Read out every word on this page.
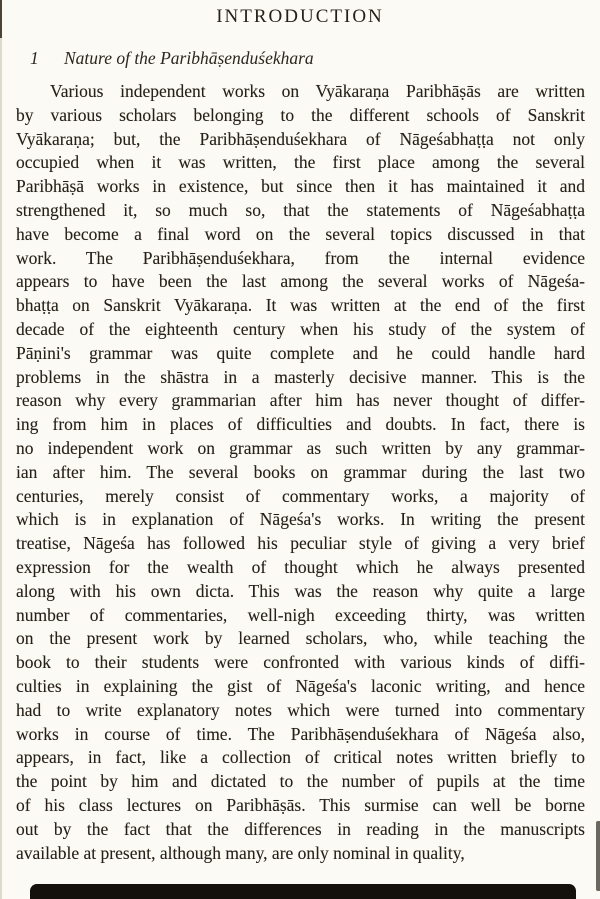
INTRODUCTION
1 Nature of the Paribhāṣenduśekhara
Various independent works on Vyākaraṇa Paribhāṣās are written
by various scholars belonging to the different schools of Sanskrit
Vyākaraṇa; but, the Paribhāṣenduśekhara of Nāgeśabhaṭṭa not only
occupied when it was written, the first place among the several
Paribhāṣā works in existence, but since then it has maintained it and
strengthened it, so much so, that the statements of Nāgeśabhaṭṭa
have become a final word on the several topics discussed in that
work. The Paribhāṣenduśekhara, from the internal evidence
appears to have been the last among the several works of Nāgeśa-
bhaṭṭa on Sanskrit Vyākaraṇa. It was written at the end of the first
decade of the eighteenth century when his study of the system of
Pāṇini's grammar was quite complete and he could handle hard
problems in the shāstra in a masterly decisive manner. This is the
reason why every grammarian after him has never thought of differ-
ing from him in places of difficulties and doubts. In fact, there is
no independent work on grammar as such written by any grammar-
ian after him. The several books on grammar during the last two
centuries, merely consist of commentary works, a majority of
which is in explanation of Nāgeśa's works. In writing the present
treatise, Nāgeśa has followed his peculiar style of giving a very brief
expression for the wealth of thought which he always presented
along with his own dicta. This was the reason why quite a large
number of commentaries, well-nigh exceeding thirty, was written
on the present work by learned scholars, who, while teaching the
book to their students were confronted with various kinds of diffi-
culties in explaining the gist of Nāgeśa's laconic writing, and hence
had to write explanatory notes which were turned into commentary
works in course of time. The Paribhāṣenduśekhara of Nāgeśa also,
appears, in fact, like a collection of critical notes written briefly to
the point by him and dictated to the number of pupils at the time
of his class lectures on Paribhāṣās. This surmise can well be borne
out by the fact that the differences in reading in the manuscripts
available at present, although many, are only nominal in quality,
